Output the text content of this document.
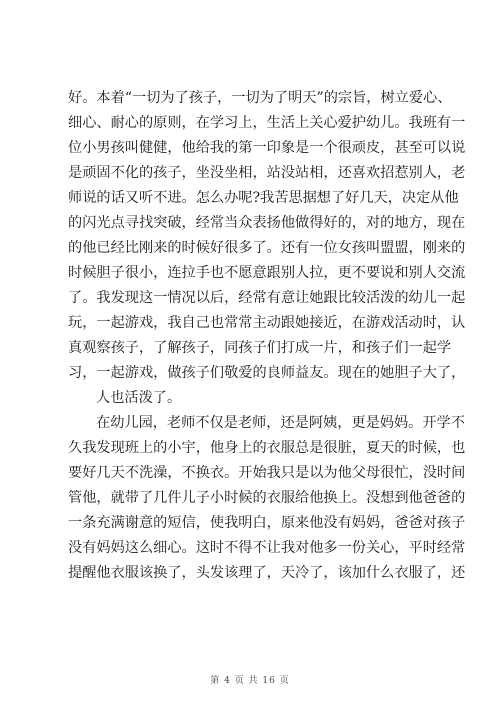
好。本着“一切为了孩子，一切为了明天”的宗旨，树立爱心、
细心、耐心的原则，在学习上，生活上关心爱护幼儿。我班有一
位小男孩叫健健，他给我的第一印象是一个很顽皮，甚至可以说
是顽固不化的孩子，坐没坐相，站没站相，还喜欢招惹别人，老
师说的话又听不进。怎么办呢?我苦思据想了好几天，决定从他
的闪光点寻找突破，经常当众表扬他做得好的，对的地方，现在
的他已经比刚来的时候好很多了。还有一位女孩叫盟盟，刚来的
时候胆子很小，连拉手也不愿意跟别人拉，更不要说和别人交流
了。我发现这一情况以后，经常有意让她跟比较活泼的幼儿一起
玩，一起游戏，我自己也常常主动跟她接近，在游戏活动时，认
真观察孩子，了解孩子，同孩子们打成一片，和孩子们一起学
习，一起游戏，做孩子们敬爱的良师益友。现在的她胆子大了，
人也活泼了。
在幼儿园，老师不仅是老师，还是阿姨，更是妈妈。开学不
久我发现班上的小宇，他身上的衣服总是很脏，夏天的时候，也
要好几天不洗澡，不换衣。开始我只是以为他父母很忙，没时间
管他，就带了几件儿子小时候的衣服给他换上。没想到他爸爸的
一条充满谢意的短信，使我明白，原来他没有妈妈，爸爸对孩子
没有妈妈这么细心。这时不得不让我对他多一份关心，平时经常
提醒他衣服该换了，头发该理了，天冷了，该加什么衣服了，还
第 4 页 共 16 页
